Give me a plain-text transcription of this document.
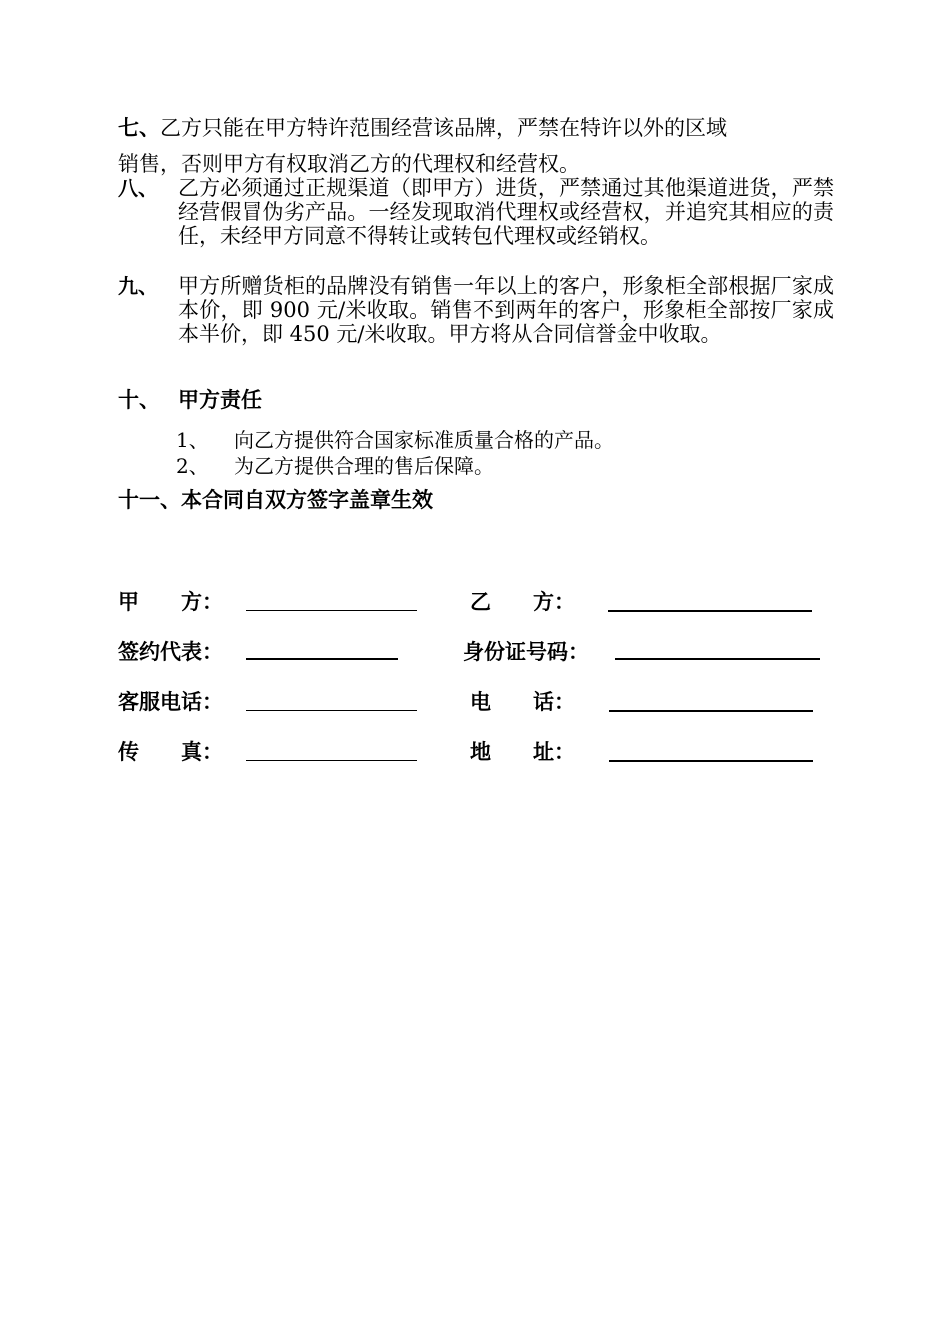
七、乙方只能在甲方特许范围经营该品牌，严禁在特许以外的区域
销售，否则甲方有权取消乙方的代理权和经营权。
八、 乙方必须通过正规渠道（即甲方）进货，严禁通过其他渠道进货，严禁经营假冒伪劣产品。一经发现取消代理权或经营权，并追究其相应的责任，未经甲方同意不得转让或转包代理权或经销权。
九、 甲方所赠货柜的品牌没有销售一年以上的客户，形象柜全部根据厂家成本价，即 900 元/米收取。销售不到两年的客户，形象柜全部按厂家成本半价，即 450 元/米收取。甲方将从合同信誉金中收取。
十、 甲方责任
1、 向乙方提供符合国家标准质量合格的产品。
2、 为乙方提供合理的售后保障。
十一、本合同自双方签字盖章生效
甲　　方：
签约代表：
客服电话：
传　　真：
乙　　方：
身份证号码：
电　　话：
地　　址：
